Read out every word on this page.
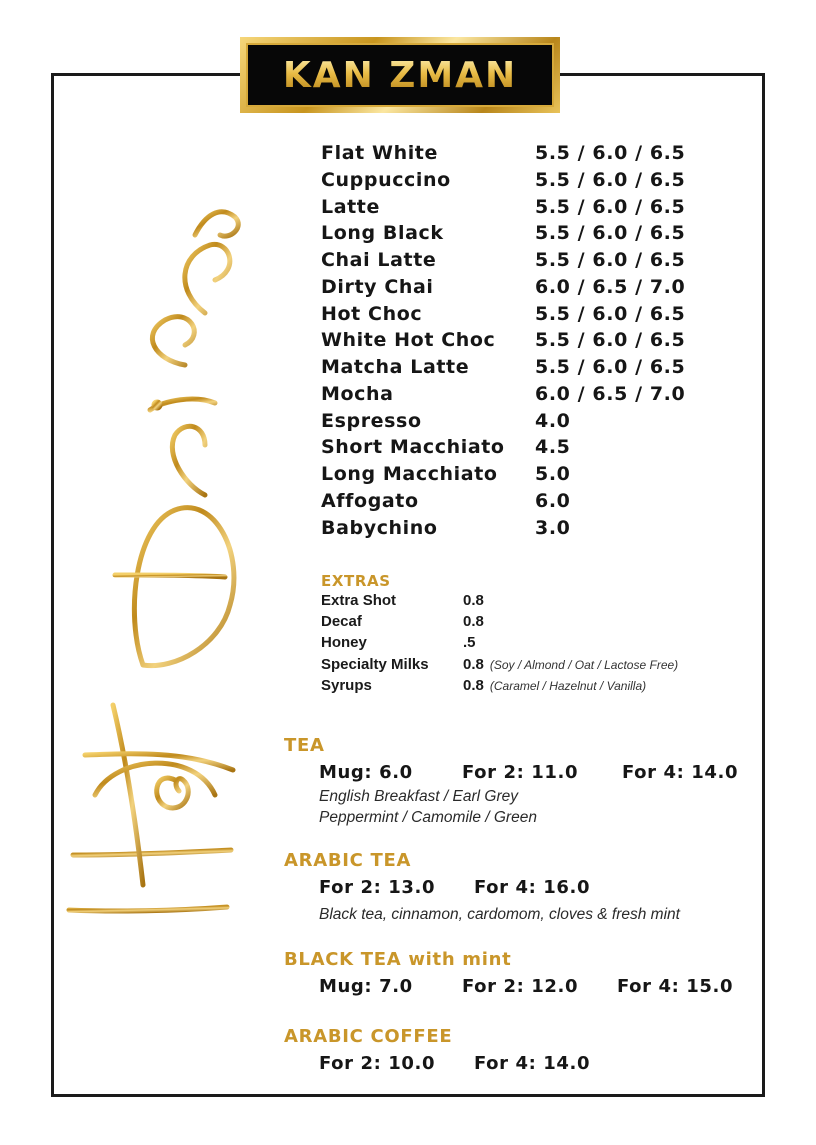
KAN ZMAN
Flat White	5.5 / 6.0 / 6.5
Cuppuccino	5.5 / 6.0 / 6.5
Latte	5.5 / 6.0 / 6.5
Long Black	5.5 / 6.0 / 6.5
Chai Latte	5.5 / 6.0 / 6.5
Dirty Chai	6.0 / 6.5 / 7.0
Hot Choc	5.5 / 6.0 / 6.5
White Hot Choc	5.5 / 6.0 / 6.5
Matcha Latte	5.5 / 6.0 / 6.5
Mocha	6.0 / 6.5 / 7.0
Espresso	4.0
Short Macchiato	4.5
Long Macchiato	5.0
Affogato	6.0
Babychino	3.0
EXTRAS
Extra Shot	0.8
Decaf	0.8
Honey	.5
Specialty Milks	0.8 (Soy / Almond / Oat / Lactose Free)
Syrups	0.8 (Caramel / Hazelnut / Vanilla)
TEA
Mug: 6.0	For 2: 11.0 For 4: 14.0
English Breakfast / Earl Grey
Peppermint / Camomile / Green
ARABIC TEA
For 2: 13.0 For 4: 16.0
Black tea, cinnamon, cardomom, cloves & fresh mint
BLACK TEA with mint
Mug: 7.0	For 2: 12.0 For 4: 15.0
ARABIC COFFEE
For 2: 10.0 For 4: 14.0
